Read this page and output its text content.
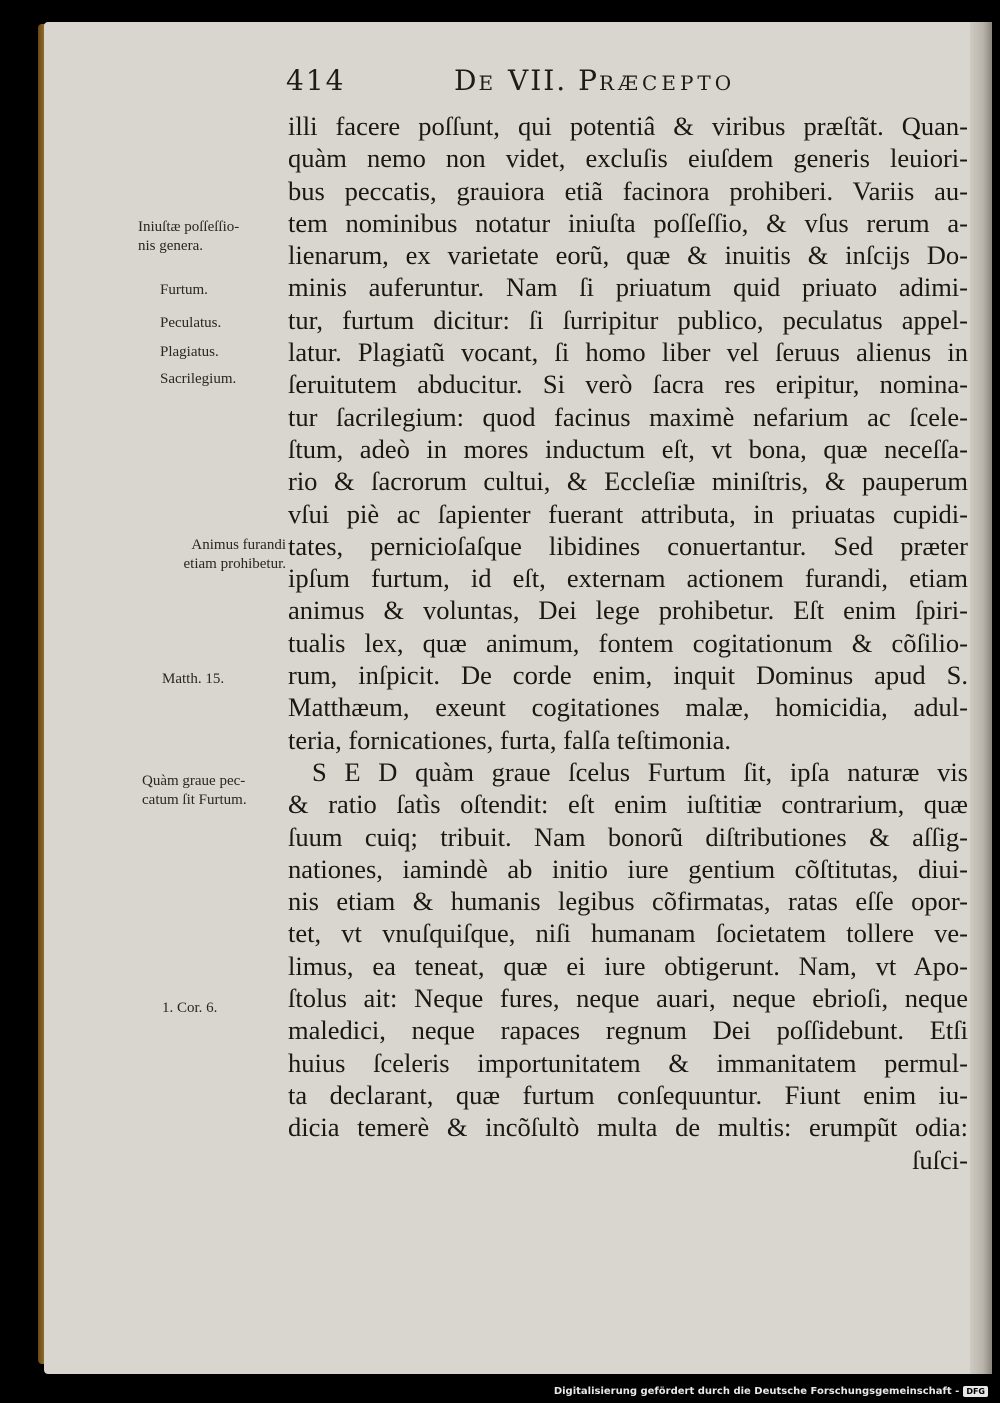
414	DE VII. PRÆCEPTO
illi facere poſſunt, qui potentiâ & viribus præſtãt. Quan-
quàm nemo non videt, excluſis eiuſdem generis leuiori-
bus peccatis, grauiora etiã facinora prohiberi. Variis au-
tem nominibus notatur iniuſta poſſeſſio, & vſus rerum a-
lienarum, ex varietate eorũ, quæ & inuitis & inſcijs Do-
minis auferuntur. Nam ſi priuatum quid priuato adimi-
tur, furtum dicitur: ſi ſurripitur publico, peculatus appel-
latur. Plagiatũ vocant, ſi homo liber vel ſeruus alienus in
ſeruitutem abducitur. Si verò ſacra res eripitur, nomina-
tur ſacrilegium: quod facinus maximè nefarium ac ſcele-
ſtum, adeò in mores inductum eſt, vt bona, quæ neceſſa-
rio & ſacrorum cultui, & Eccleſiæ miniſtris, & pauperum
vſui piè ac ſapienter fuerant attributa, in priuatas cupidi-
tates, pernicioſaſque libidines conuertantur. Sed præter
ipſum furtum, id eſt, externam actionem furandi, etiam
animus & voluntas, Dei lege prohibetur. Eſt enim ſpiri-
tualis lex, quæ animum, fontem cogitationum & cõſilio-
rum, inſpicit. De corde enim, inquit Dominus apud S.
Matthæum, exeunt cogitationes malæ, homicidia, adul-
teria, fornicationes, furta, falſa teſtimonia.
S E D quàm graue ſcelus Furtum ſit, ipſa naturæ vis
& ratio ſatìs oſtendit: eſt enim iuſtitiæ contrarium, quæ
ſuum cuiq; tribuit. Nam bonorũ diſtributiones & aſſig-
nationes, iamindè ab initio iure gentium cõſtitutas, diui-
nis etiam & humanis legibus cõfirmatas, ratas eſſe opor-
tet, vt vnuſquiſque, niſi humanam ſocietatem tollere ve-
limus, ea teneat, quæ ei iure obtigerunt. Nam, vt Apo-
ſtolus ait: Neque fures, neque auari, neque ebrioſi, neque
maledici, neque rapaces regnum Dei poſſidebunt. Etſi
huius ſceleris importunitatem & immanitatem permul-
ta declarant, quæ furtum conſequuntur. Fiunt enim iu-
dicia temerè & incõſultò multa de multis: erumpũt odia:
ſuſci-
Iniuſtæ poſſeſſio-
nis genera.
Furtum.
Peculatus.
Plagiatus.
Sacrilegium.
Animus furandi
etiam prohibetur.
Matth. 15.
Quàm graue pec-
catum ſit Furtum.
1. Cor. 6.
Digitalisierung gefördert durch die Deutsche Forschungsgemeinschaft - DFG
